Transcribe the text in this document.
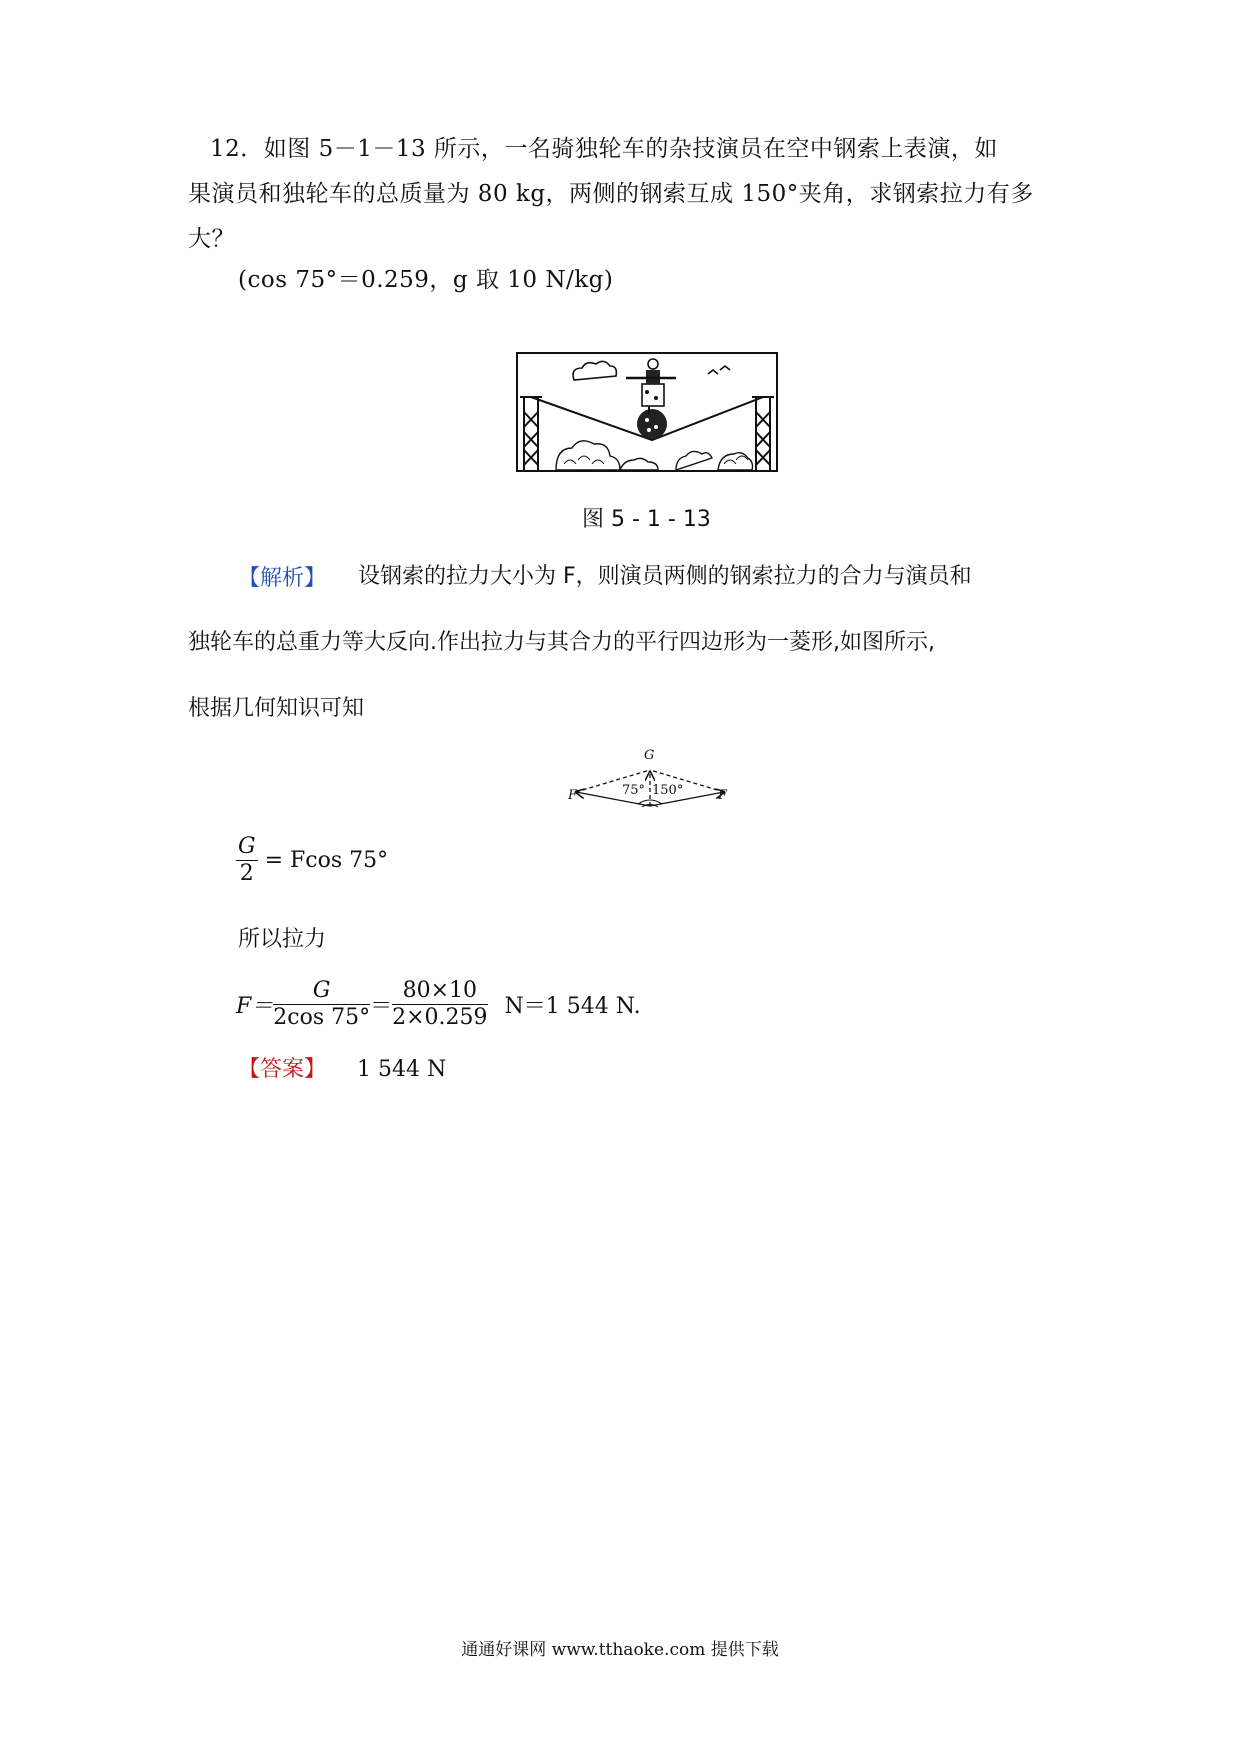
12．如图 5－1－13 所示，一名骑独轮车的杂技演员在空中钢索上表演，如
果演员和独轮车的总质量为 80 kg，两侧的钢索互成 150°夹角，求钢索拉力有多
大？
(cos 75°＝0.259，g 取 10 N/kg)
图 5 - 1 - 13
【解析】 设钢索的拉力大小为 F，则演员两侧的钢索拉力的合力与演员和
独轮车的总重力等大反向.作出拉力与其合力的平行四边形为一菱形,如图所示,
根据几何知识可知
G
F	F
75° 150°
$\frac{G}{2} = Fcos$ 75°
所以拉力
$F= \frac{G}{2\cos 75^\circ} = \frac{80\times 10}{2\times 0.259} N=1$ 544 N.
【答案】 1 544 N
通通好课网 www.tthaoke.com 提供下载
